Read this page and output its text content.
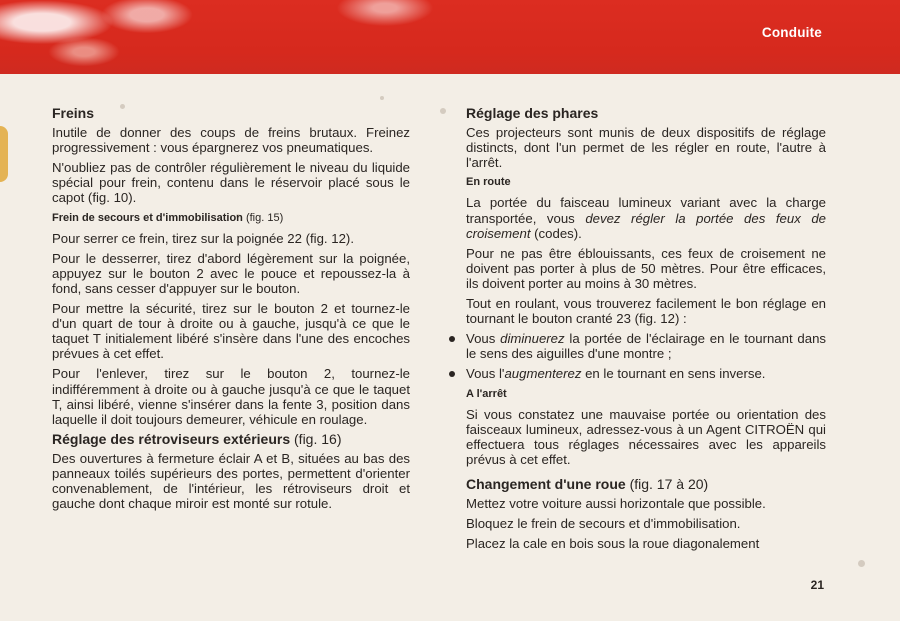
Conduite
Freins

Inutile de donner des coups de freins brutaux. Freinez progressivement : vous épargnerez vos pneumatiques.

N'oubliez pas de contrôler régulièrement le niveau du liquide spécial pour frein, contenu dans le réservoir placé sous le capot (fig. 10).

Frein de secours et d'immobilisation (fig. 15)

Pour serrer ce frein, tirez sur la poignée 22 (fig. 12).

Pour le desserrer, tirez d'abord légèrement sur la poignée, appuyez sur le bouton 2 avec le pouce et repoussez-la à fond, sans cesser d'appuyer sur le bouton.

Pour mettre la sécurité, tirez sur le bouton 2 et tournez-le d'un quart de tour à droite ou à gauche, jusqu'à ce que le taquet T initialement libéré s'insère dans l'une des encoches prévues à cet effet.

Pour l'enlever, tirez sur le bouton 2, tournez-le indifféremment à droite ou à gauche jusqu'à ce que le taquet T, ainsi libéré, vienne s'insérer dans la fente 3, position dans laquelle il doit toujours demeurer, véhicule en roulage.

Réglage des rétroviseurs extérieurs (fig. 16)

Des ouvertures à fermeture éclair A et B, situées au bas des panneaux toilés supérieurs des portes, permettent d'orienter convenablement, de l'intérieur, les rétroviseurs droit et gauche dont chaque miroir est monté sur rotule.

Réglage des phares

Ces projecteurs sont munis de deux dispositifs de réglage distincts, dont l'un permet de les régler en route, l'autre à l'arrêt.

En route

La portée du faisceau lumineux variant avec la charge transportée, vous devez régler la portée des feux de croisement (codes).

Pour ne pas être éblouissants, ces feux de croisement ne doivent pas porter à plus de 50 mètres. Pour être efficaces, ils doivent porter au moins à 30 mètres.

Tout en roulant, vous trouverez facilement le bon réglage en tournant le bouton cranté 23 (fig. 12) :

Vous diminuerez la portée de l'éclairage en le tournant dans le sens des aiguilles d'une montre ;

Vous l'augmenterez en le tournant en sens inverse.

A l'arrêt

Si vous constatez une mauvaise portée ou orientation des faisceaux lumineux, adressez-vous à un Agent CITROËN qui effectuera tous réglages nécessaires avec les appareils prévus à cet effet.

Changement d'une roue (fig. 17 à 20)

Mettez votre voiture aussi horizontale que possible.

Bloquez le frein de secours et d'immobilisation.

Placez la cale en bois sous la roue diagonalement

21
